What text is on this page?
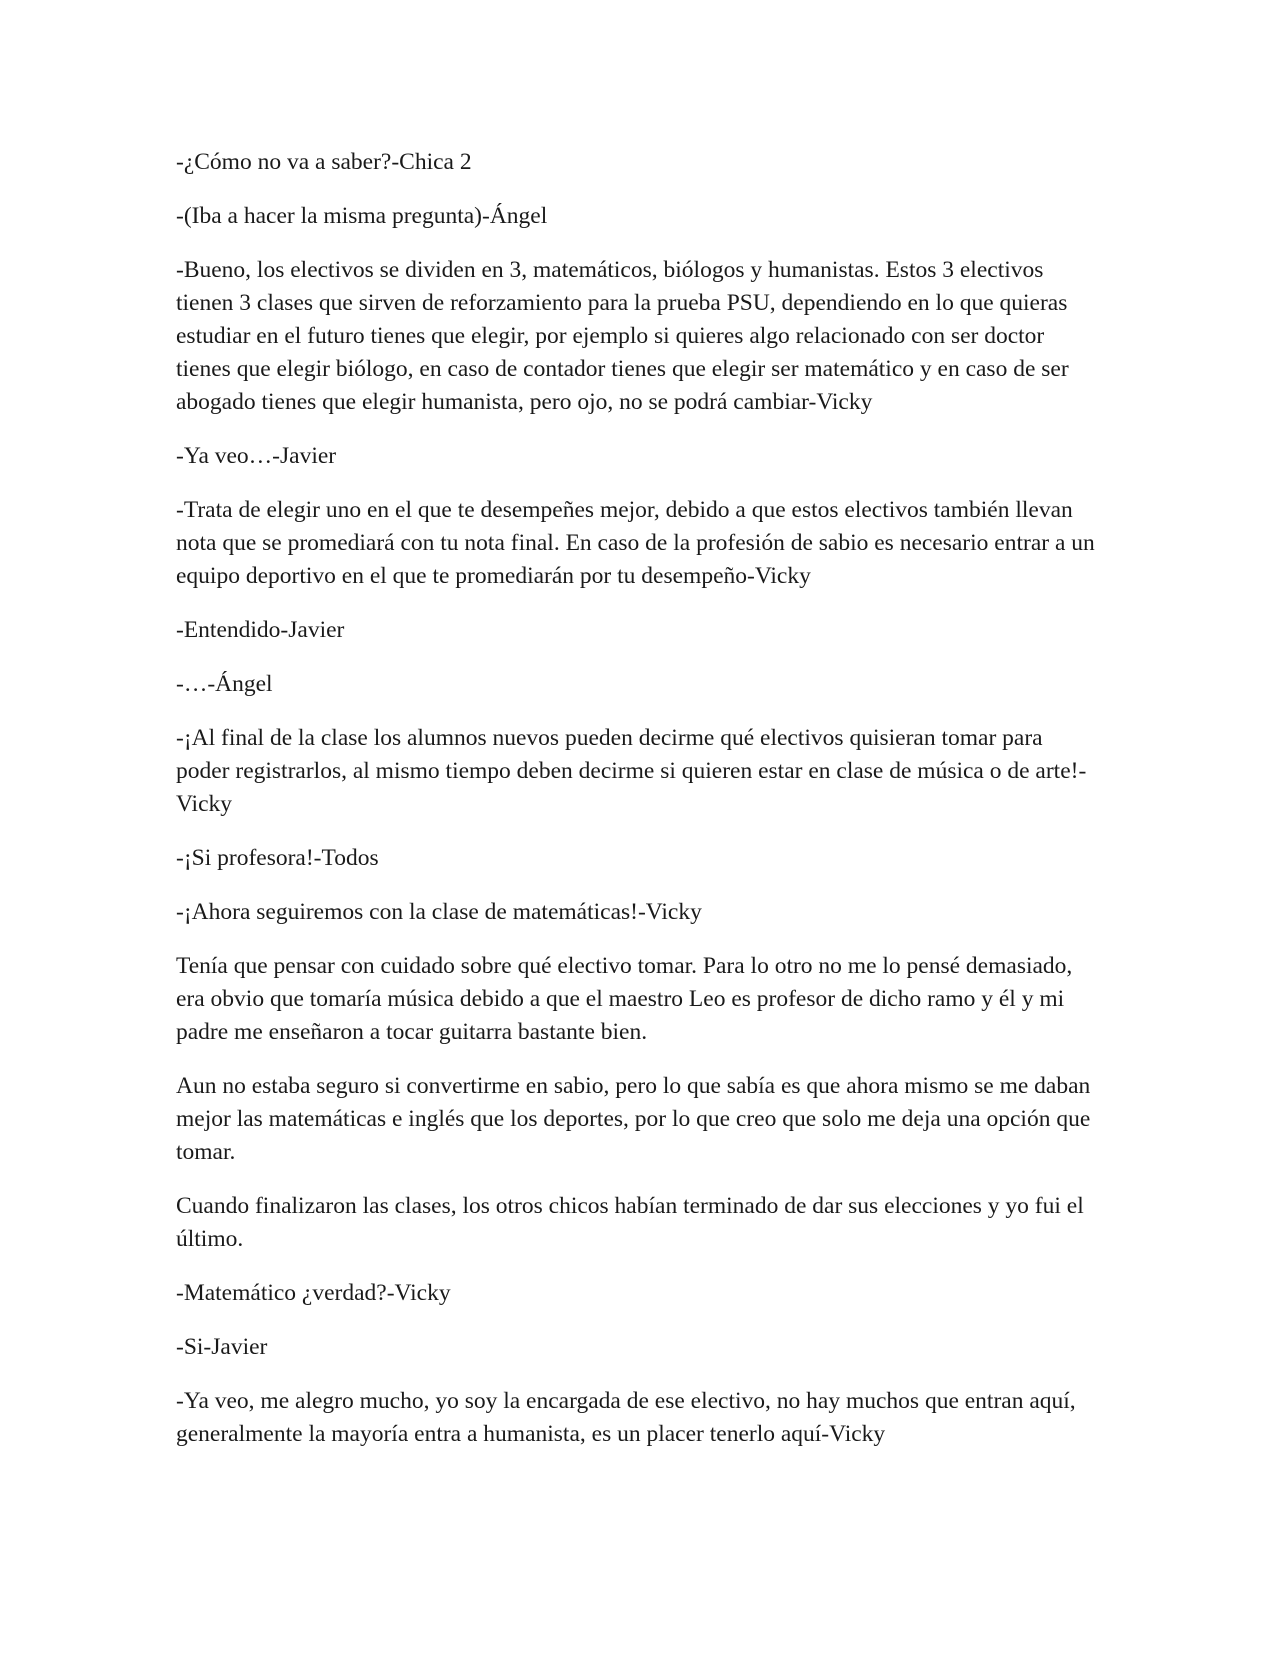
-¿Cómo no va a saber?-Chica 2

-(Iba a hacer la misma pregunta)-Ángel

-Bueno, los electivos se dividen en 3, matemáticos, biólogos y humanistas. Estos 3 electivos tienen 3 clases que sirven de reforzamiento para la prueba PSU, dependiendo en lo que quieras estudiar en el futuro tienes que elegir, por ejemplo si quieres algo relacionado con ser doctor tienes que elegir biólogo, en caso de contador tienes que elegir ser matemático y en caso de ser abogado tienes que elegir humanista, pero ojo, no se podrá cambiar-Vicky

-Ya veo…-Javier

-Trata de elegir uno en el que te desempeñes mejor, debido a que estos electivos también llevan nota que se promediará con tu nota final. En caso de la profesión de sabio es necesario entrar a un equipo deportivo en el que te promediarán por tu desempeño-Vicky

-Entendido-Javier

-…-Ángel

-¡Al final de la clase los alumnos nuevos pueden decirme qué electivos quisieran tomar para poder registrarlos, al mismo tiempo deben decirme si quieren estar en clase de música o de arte!-Vicky

-¡Si profesora!-Todos

-¡Ahora seguiremos con la clase de matemáticas!-Vicky

Tenía que pensar con cuidado sobre qué electivo tomar. Para lo otro no me lo pensé demasiado, era obvio que tomaría música debido a que el maestro Leo es profesor de dicho ramo y él y mi padre me enseñaron a tocar guitarra bastante bien.

Aun no estaba seguro si convertirme en sabio, pero lo que sabía es que ahora mismo se me daban mejor las matemáticas e inglés que los deportes, por lo que creo que solo me deja una opción que tomar.

Cuando finalizaron las clases, los otros chicos habían terminado de dar sus elecciones y yo fui el último.

-Matemático ¿verdad?-Vicky

-Si-Javier

-Ya veo, me alegro mucho, yo soy la encargada de ese electivo, no hay muchos que entran aquí, generalmente la mayoría entra a humanista, es un placer tenerlo aquí-Vicky
